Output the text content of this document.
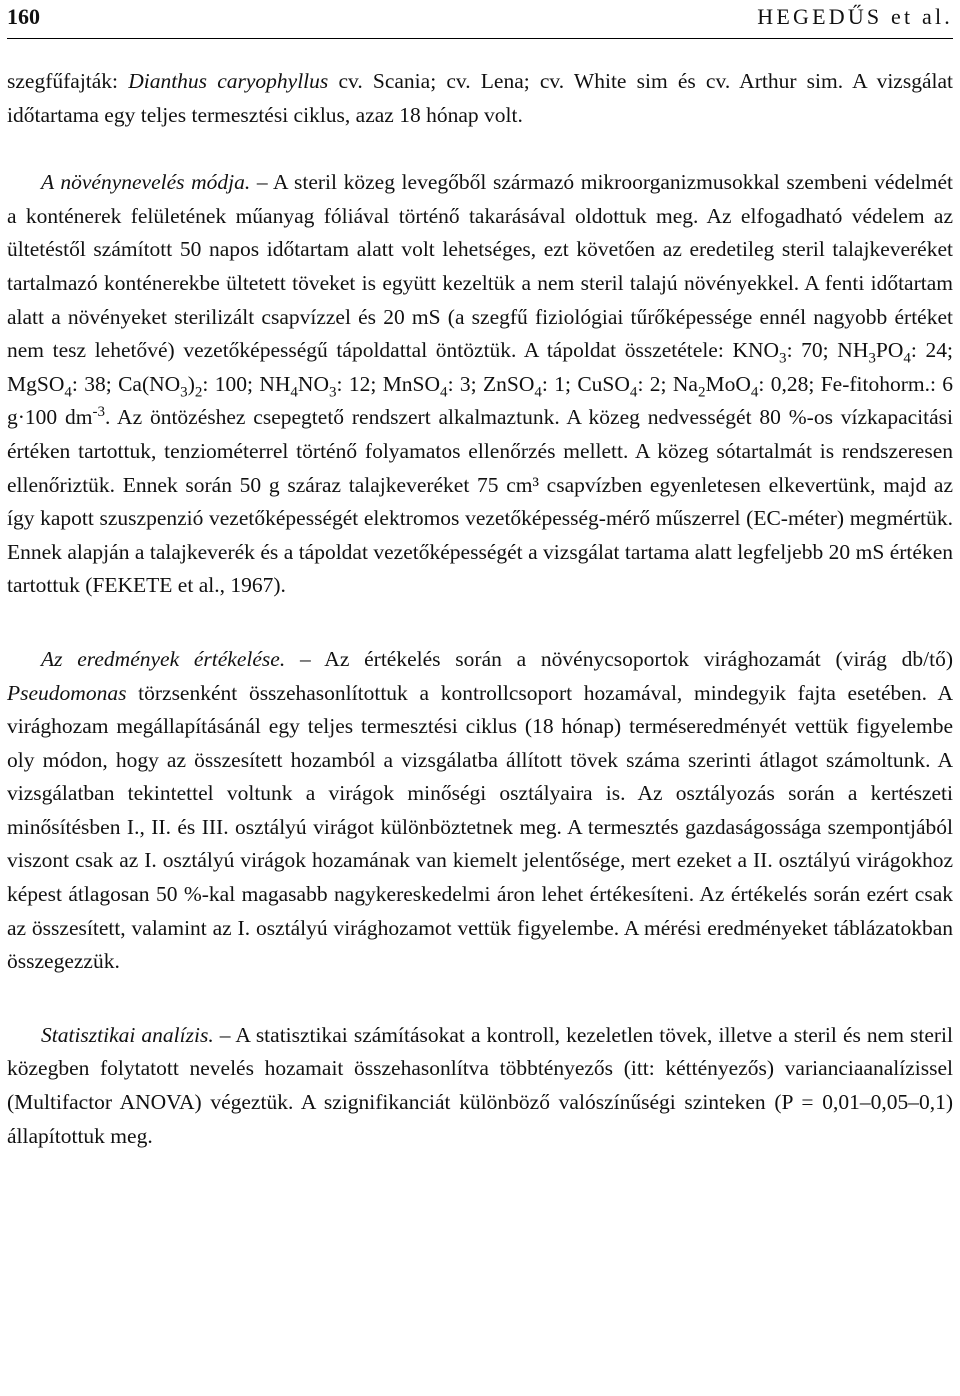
160	HEGEDŰS et al.

szegfűfajták: Dianthus caryophyllus cv. Scania; cv. Lena; cv. White sim és cv. Arthur sim. A vizsgálat időtartama egy teljes termesztési ciklus, azaz 18 hónap volt.

A növénynevelés módja. – A steril közeg levegőből származó mikroorganizmusokkal szembeni védelmét a konténerek felületének műanyag fóliával történő takarásával oldottuk meg. Az elfogadható védelem az ültetéstől számított 50 napos időtartam alatt volt lehetséges, ezt követően az eredetileg steril talajkeveréket tartalmazó konténerekbe ültetett töveket is együtt kezeltük a nem steril talajú növényekkel. A fenti időtartam alatt a növényeket sterilizált csapvízzel és 20 mS (a szegfű fiziológiai tűrőképessége ennél nagyobb értéket nem tesz lehetővé) vezetőképességű tápoldattal öntöztük. A tápoldat összetétele: $KNO_3$: 70; $NH_3PO_4$: 24; MgSO$_4$: 38; $Ca(NO_3)_2$: 100; $NH_4NO_3$: 12; MnSO$_4$: 3; ZnSO$_4$: 1; CuSO$_4$: 2; $Na_2MoO_4$: 0,28; Fe-fitohorm.: 6 g·100 $dm^{-3}$. Az öntözéshez csepegtető rendszert alkalmaztunk. A közeg nedvességét 80 %-os vízkapacitási értéken tartottuk, tenziométerrel történő folyamatos ellenőrzés mellett. A közeg sótartalmát is rendszeresen ellenőriztük. Ennek során 50 g száraz talajkeveréket 75 cm³ csapvízben egyenletesen elkevertünk, majd az így kapott szuszpenzió vezetőképességét elektromos vezetőképesség-mérő műszerrel (EC-méter) megmértük. Ennek alapján a talajkeverék és a tápoldat vezetőképességét a vizsgálat tartama alatt legfeljebb 20 mS értéken tartottuk (FEKETE et al., 1967).

Az eredmények értékelése. – Az értékelés során a növénycsoportok virághozamát (virág db/tő) Pseudomonas törzsenként összehasonlítottuk a kontrollcsoport hozamával, mindegyik fajta esetében. A virághozam megállapításánál egy teljes termesztési ciklus (18 hónap) terméseredményét vettük figyelembe oly módon, hogy az összesített hozamból a vizsgálatba állított tövek száma szerinti átlagot számoltunk. A vizsgálatban tekintettel voltunk a virágok minőségi osztályaira is. Az osztályozás során a kertészeti minősítésben I., II. és III. osztályú virágot különböztetnek meg. A termesztés gazdaságossága szempontjából viszont csak az I. osztályú virágok hozamának van kiemelt jelentősége, mert ezeket a II. osztályú virágokhoz képest átlagosan 50 %-kal magasabb nagykereskedelmi áron lehet értékesíteni. Az értékelés során ezért csak az összesített, valamint az I. osztályú virághozamot vettük figyelembe. A mérési eredményeket táblázatokban összegezzük.

Statisztikai analízis. – A statisztikai számításokat a kontroll, kezeletlen tövek, illetve a steril és nem steril közegben folytatott nevelés hozamait összehasonlítva többtényezős (itt: kéttényezős) varianciaanalízissel (Multifactor ANOVA) végeztük. A szignifikanciát különböző valószínűségi szinteken (P = 0,01–0,05–0,1) állapítottuk meg.
